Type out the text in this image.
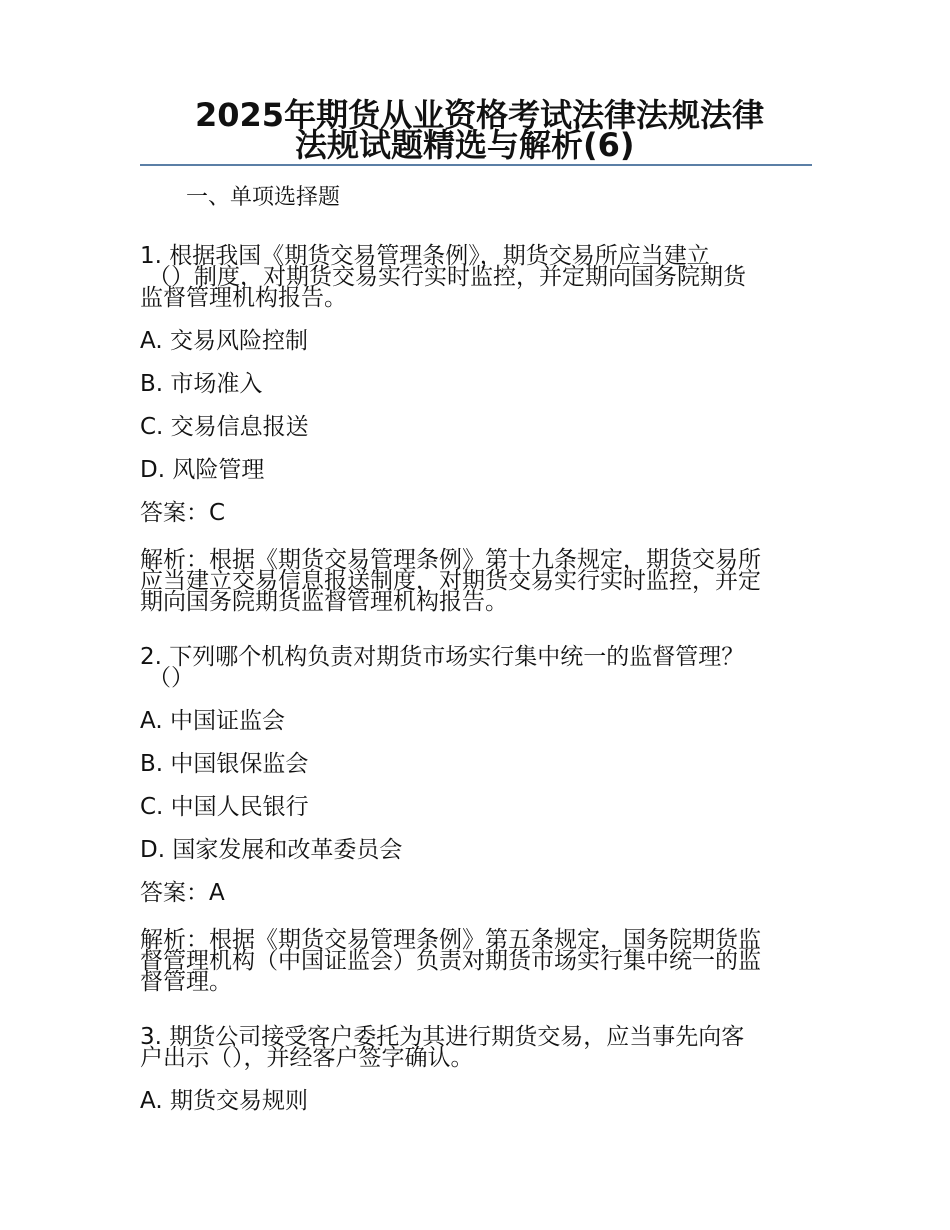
2025年期货从业资格考试法律法规法律
法规试题精选与解析(6)
一、单项选择题

1. 根据我国《期货交易管理条例》，期货交易所应当建立

（）制度，对期货交易实行实时监控，并定期向国务院期货
监督管理机构报告。

A. 交易风险控制

B. 市场准入

C. 交易信息报送

D. 风险管理

答案：C

解析：根据《期货交易管理条例》第十九条规定，期货交易所
应当建立交易信息报送制度，对期货交易实行实时监控，并定
期向国务院期货监督管理机构报告。

2. 下列哪个机构负责对期货市场实行集中统一的监督管理？

（）

A. 中国证监会

B. 中国银保监会

C. 中国人民银行

D. 国家发展和改革委员会

答案：A

解析：根据《期货交易管理条例》第五条规定，国务院期货监
督管理机构（中国证监会）负责对期货市场实行集中统一的监
督管理。

3. 期货公司接受客户委托为其进行期货交易，应当事先向客
户出示（），并经客户签字确认。

A. 期货交易规则
